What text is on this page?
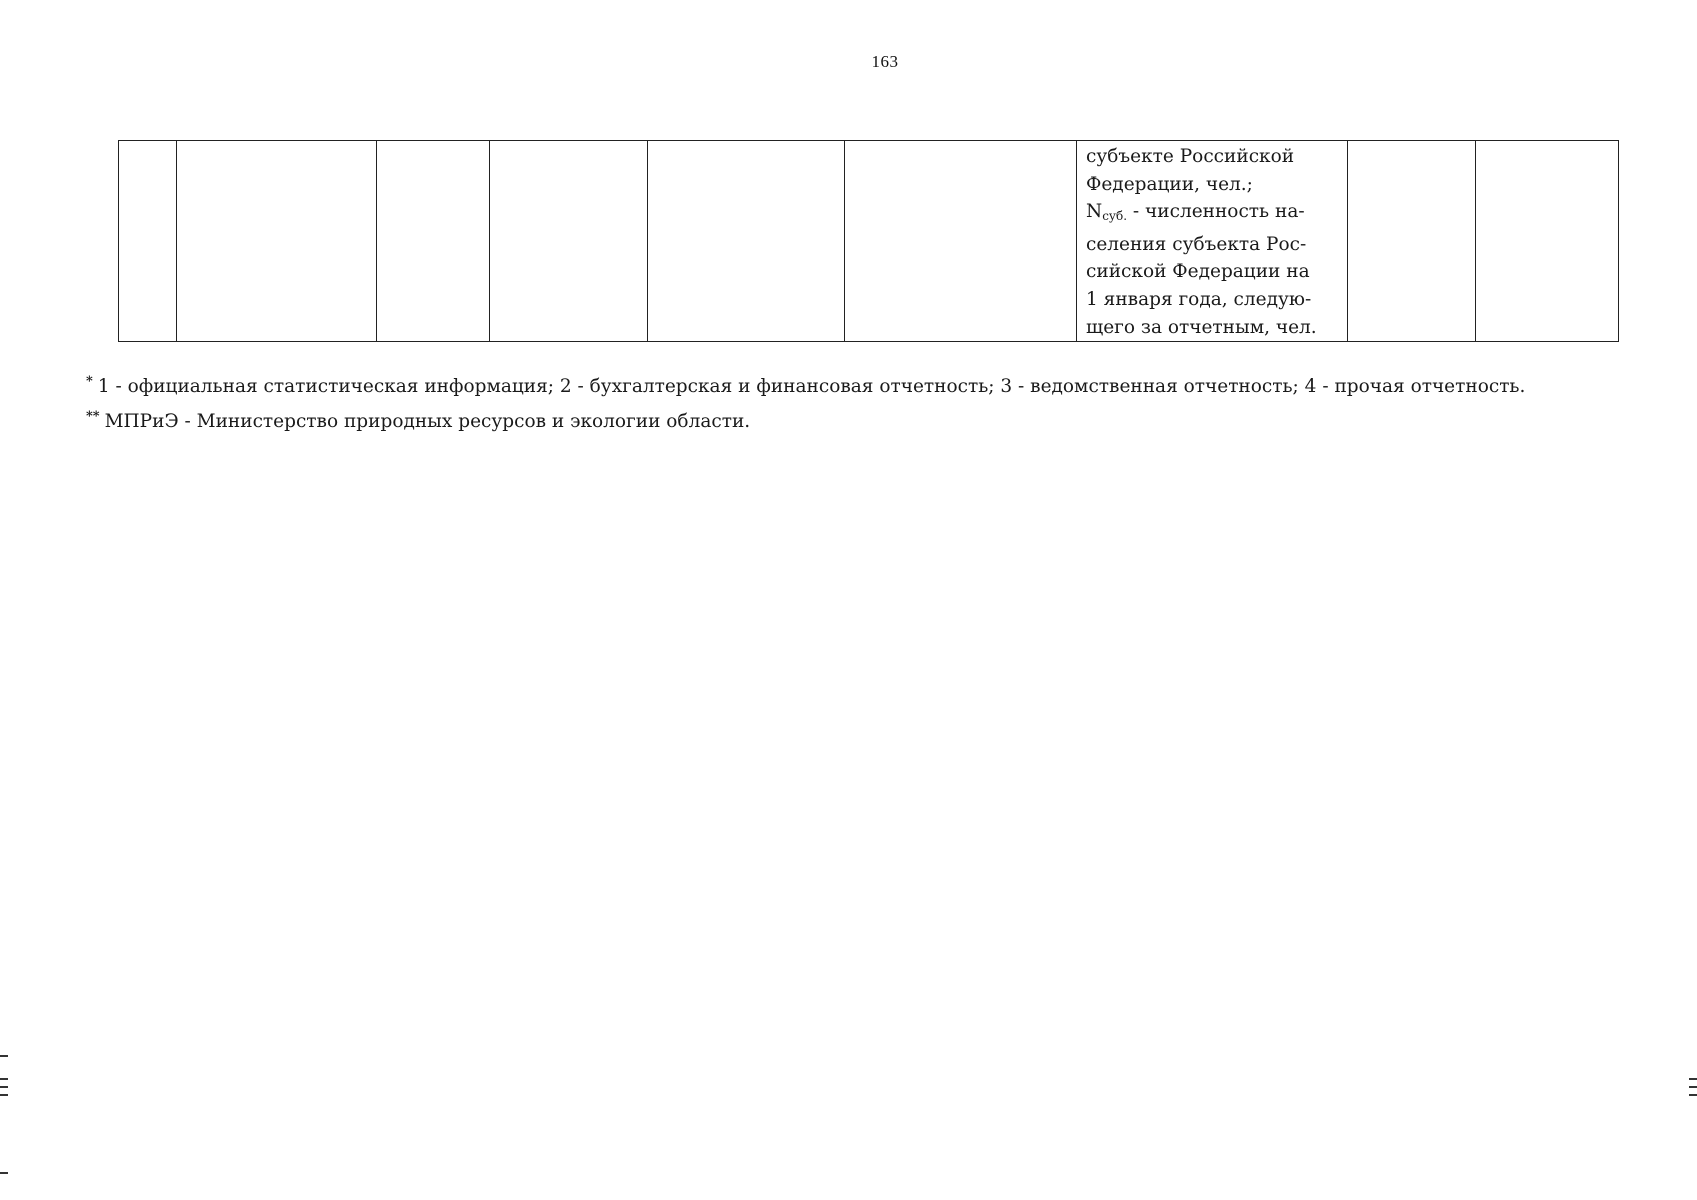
163

субъекте Российской
Федерации, чел.;
$N_{суб.}$ - численность на-
селения субъекта Рос-
сийской Федерации на
1 января года, следую-
щего за отчетным, чел.

* 1 - официальная статистическая информация; 2 - бухгалтерская и финансовая отчетность; 3 - ведомственная отчетность; 4 - прочая отчетность.
** МПРиЭ - Министерство природных ресурсов и экологии области.
